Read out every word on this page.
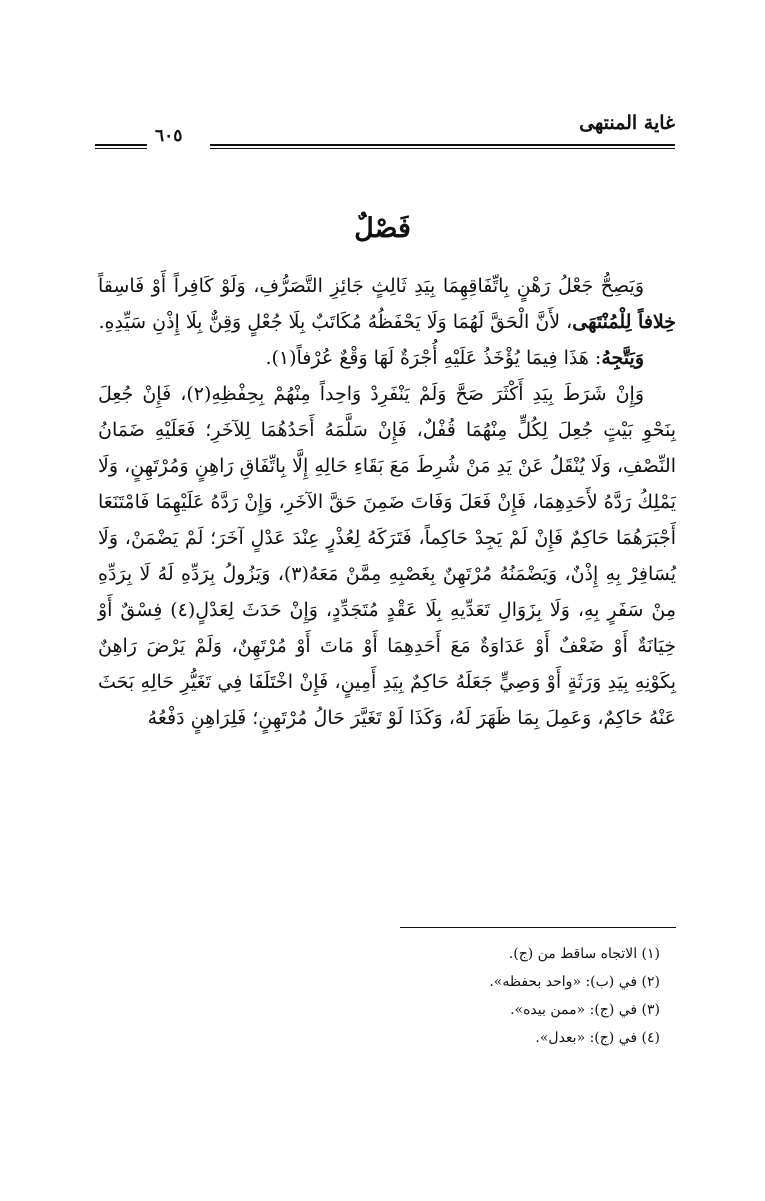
غاية المنتهى
٦٠٥
فَصْلٌ

وَيَصِحُّ جَعْلُ رَهْنٍ بِاتِّفَاقِهِمَا بِيَدِ ثَالِثٍ جَائِزِ التَّصَرُّفِ، وَلَوْ كَافِراً أَوْ فَاسِقاً خِلافاً لِلْمُنْتَهَى، لأَنَّ الْحَقَّ لَهُمَا وَلَا يَحْفَظُهُ مُكَاتَبٌ بِلَا جُعْلٍ وَقِنٌّ بِلَا إِذْنِ سَيِّدِهِ.

وَيَتَّجِهُ: هَذَا فِيمَا يُؤْخَذُ عَلَيْهِ أُجْرَةٌ لَهَا وَقْعٌ عُرْفاً(١).

وَإِنْ شَرَطَ بِيَدِ أَكْثَرَ صَحَّ وَلَمْ يَنْفَرِدْ وَاحِداً مِنْهُمْ بِحِفْظِهِ(٢)، فَإِنْ جُعِلَ بِنَحْوِ بَيْتٍ جُعِلَ لِكُلٍّ مِنْهُمَا قُفْلٌ، فَإِنْ سَلَّمَهُ أَحَدُهُمَا لِلآخَرِ؛ فَعَلَيْهِ ضَمَانُ النِّصْفِ، وَلَا يُنْقَلُ عَنْ يَدِ مَنْ شُرِطَ مَعَ بَقَاءِ حَالِهِ إِلَّا بِاتِّفَاقِ رَاهِنٍ وَمُرْتَهِنٍ، وَلَا يَمْلِكُ رَدَّهُ لأَحَدِهِمَا، فَإِنْ فَعَلَ وَفَاتَ ضَمِنَ حَقَّ الآخَرِ، وَإِنْ رَدَّهُ عَلَيْهِمَا فَامْتَنَعَا أَجْبَرَهُمَا حَاكِمٌ فَإِنْ لَمْ يَجِدْ حَاكِماً، فَتَرَكَهُ لِعُذْرٍ عِنْدَ عَدْلٍ آخَرَ؛ لَمْ يَضْمَنْ، وَلَا يُسَافِرْ بِهِ إِذْنٌ، وَيَضْمَنُهُ مُرْتَهِنٌ بِغَصْبِهِ مِمَّنْ مَعَهُ(٣)، وَيَزُولُ بِرَدِّهِ لَهُ لَا بِرَدِّهِ مِنْ سَفَرٍ بِهِ، وَلَا بِزَوَالِ تَعَدِّيهِ بِلَا عَقْدٍ مُتَجَدِّدٍ، وَإِنْ حَدَثَ لِعَدْلٍ(٤) فِسْقٌ أَوْ خِيَانَةٌ أَوْ ضَعْفٌ أَوْ عَدَاوَةٌ مَعَ أَحَدِهِمَا أَوْ مَاتَ أَوْ مُرْتَهِنٌ، وَلَمْ يَرْضَ رَاهِنٌ بِكَوْنِهِ بِيَدِ وَرَثَةٍ أَوْ وَصِيٍّ جَعَلَهُ حَاكِمٌ بِيَدِ أَمِينٍ، فَإِنْ اخْتَلَفَا فِي تَغَيُّرِ حَالِهِ بَحَثَ عَنْهُ حَاكِمٌ، وَعَمِلَ بِمَا ظَهَرَ لَهُ، وَكَذَا لَوْ تَغَيَّرَ حَالُ مُرْتَهِنٍ؛ فَلِرَاهِنٍ دَفْعُهُ

(١) الاتجاه ساقط من (ج).
(٢) في (ب): «واحد بحفظه».
(٣) في (ج): «ممن بيده».
(٤) في (ج): «بعدل».
